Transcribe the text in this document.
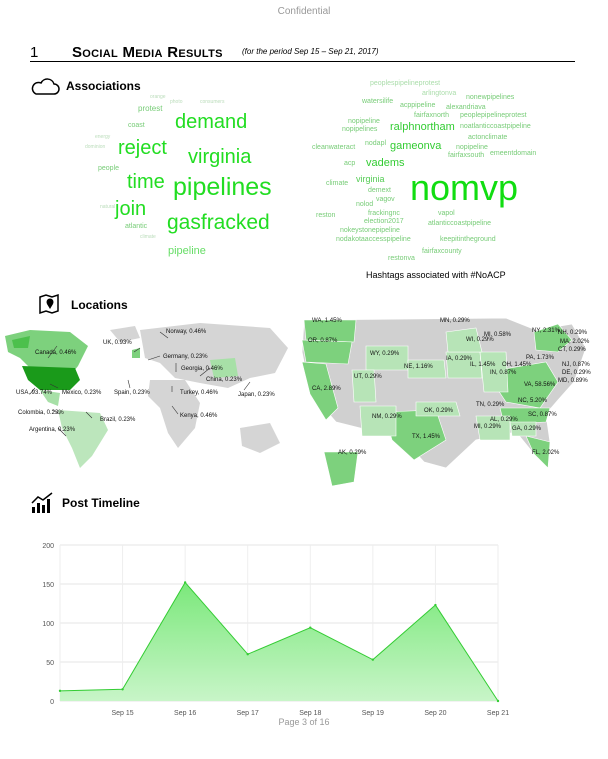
Confidential
1 Social Media Results (for the period Sep 15 – Sep 21, 2017)
Associations
demand
reject virginia
time pipelines
join
gasfracked
pipeline
protest
coast
atlantic
people
energy
photo	consumers
orange
natural
dominion
climate
peoplespipelineprotest
arlingtonva
watersilife
nonewpipelines
acppipeline alexandriava
fairfaxnorth peoplepipelineprotest
nopipeline ralphnortham noatlanticcoastpipeline
nopipelines
actonclimate
cleanwateract
nodapl gameonva nopipeline
emeentdomain
fairfaxsouth
acp vadems
nomvp
virginia
climate
demext
vagov
nolod
frackingnc	vapol
reston
election2017	atlanticcoastpipeline
nokeystonepipeline
nodakotaaccesspipeline	keepitintheground
fairfaxcounty
restonva
Hashtags associated with #NoACP
Locations
Norway, 0.46%
UK, 0.93%
Canada, 0.46%
Germany, 0.23%
Georgia, 0.46%
China, 0.23%
USA, 93.74% Mexico, 0.23% Spain, 0.23%	Turkey, 0.46%	Japan, 0.23%
Colombia, 0.23%	Kenya, 0.46%
Brazil, 0.23%
Argentina, 0.23%
WA, 1.45%	MN, 0.29%
WI, 0.29%
MI, 0.58%
NY, 2.31%
NH, 0.29%
MA, 2.02%
CT, 0.29%
OR, 0.87%
WY, 0.29%
IA, 0.29%	PA, 1.73%
NJ, 0.87%
DE, 0.29%
NE, 1.16%	IL, 1.45% OH, 1.45%
MD, 0.89%
IN, 0.87%
VA, 58.56%
UT, 0.29%
CA, 2.89%
NC, 5.20%
TN, 0.29%
SC, 0.87%
NM, 0.29%
OK, 0.29%
AL, 0.29%
GA, 0.29%
MI, 0.29%
TX, 1.45%
FL, 2.02%
AK, 0.29%
Post Timeline
0
50
100
150
200
Sep 15	Sep 16	Sep 17	Sep 18	Sep 19	Sep 20	Sep 21
Page 3 of 16
